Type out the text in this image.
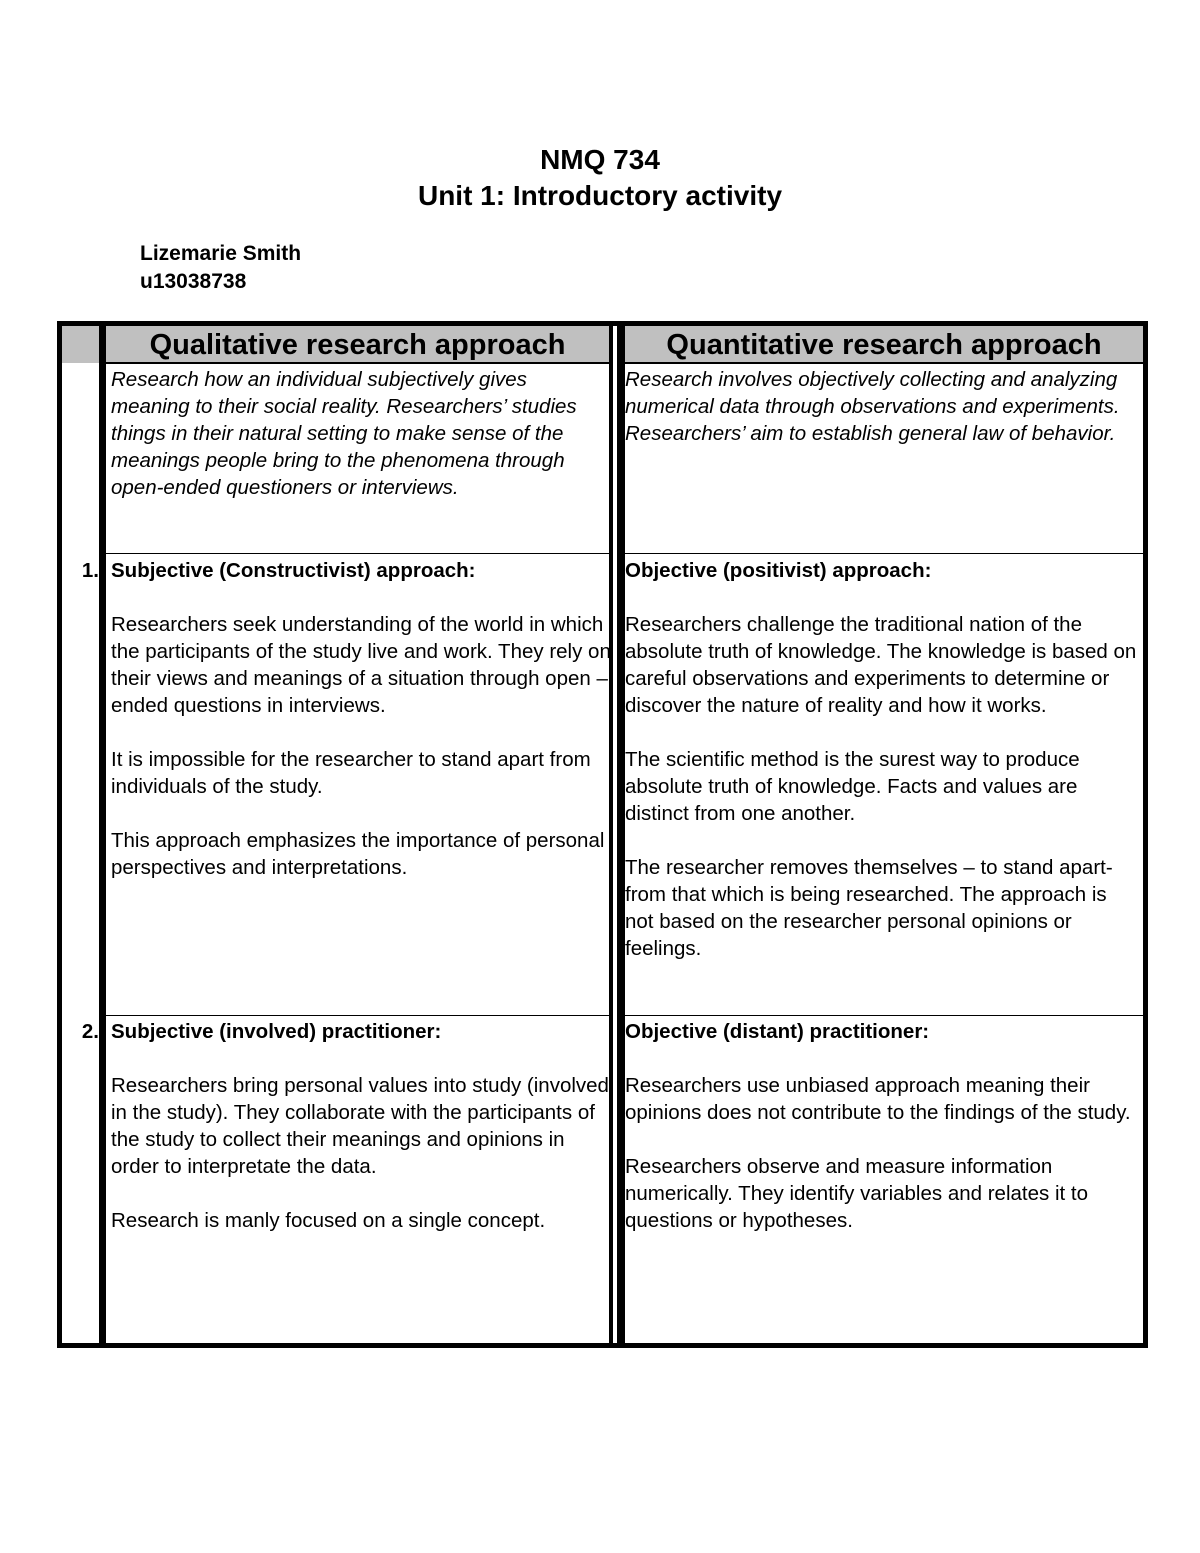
NMQ 734
Unit 1: Introductory activity
Lizemarie Smith
u13038738
Qualitative research approach	Quantitative research approach

Research how an individual subjectively gives meaning to their social reality. Researchers’ studies things in their natural setting to make sense of the meanings people bring to the phenomena through open-ended questioners or interviews.

Research involves objectively collecting and analyzing numerical data through observations and experiments. Researchers’ aim to establish general law of behavior.

1. Subjective (Constructivist) approach:

Researchers seek understanding of the world in which the participants of the study live and work. They rely on their views and meanings of a situation through open – ended questions in interviews.

It is impossible for the researcher to stand apart from individuals of the study.

This approach emphasizes the importance of personal perspectives and interpretations.

Objective (positivist) approach:

Researchers challenge the traditional nation of the absolute truth of knowledge. The knowledge is based on careful observations and experiments to determine or discover the nature of reality and how it works.

The scientific method is the surest way to produce absolute truth of knowledge. Facts and values are distinct from one another.

The researcher removes themselves – to stand apart- from that which is being researched. The approach is not based on the researcher personal opinions or feelings.

2. Subjective (involved) practitioner:

Researchers bring personal values into study (involved in the study). They collaborate with the participants of the study to collect their meanings and opinions in order to interpretate the data.

Research is manly focused on a single concept.

Objective (distant) practitioner:

Researchers use unbiased approach meaning their opinions does not contribute to the findings of the study.

Researchers observe and measure information numerically. They identify variables and relates it to questions or hypotheses.
